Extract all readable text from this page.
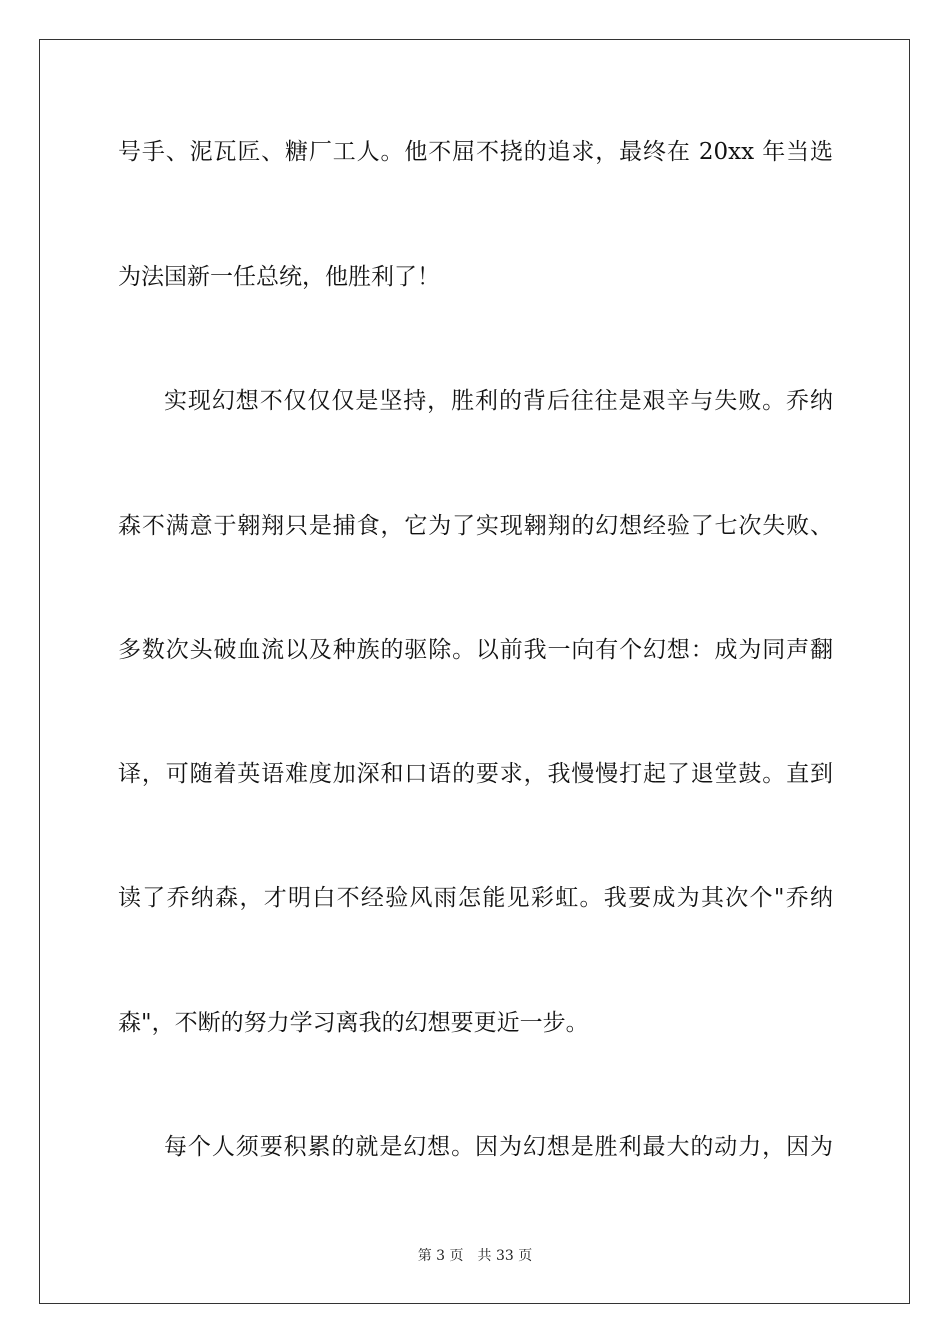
号手、泥瓦匠、糖厂工人。他不屈不挠的追求，最终在 20xx 年当选
为法国新一任总统，他胜利了！
实现幻想不仅仅仅是坚持，胜利的背后往往是艰辛与失败。乔纳
森不满意于翱翔只是捕食，它为了实现翱翔的幻想经验了七次失败、
多数次头破血流以及种族的驱除。以前我一向有个幻想：成为同声翻
译，可随着英语难度加深和口语的要求，我慢慢打起了退堂鼓。直到
读了乔纳森，才明白不经验风雨怎能见彩虹。我要成为其次个"乔纳
森"，不断的努力学习离我的幻想要更近一步。
每个人须要积累的就是幻想。因为幻想是胜利最大的动力，因为
第 3 页 共 33 页
